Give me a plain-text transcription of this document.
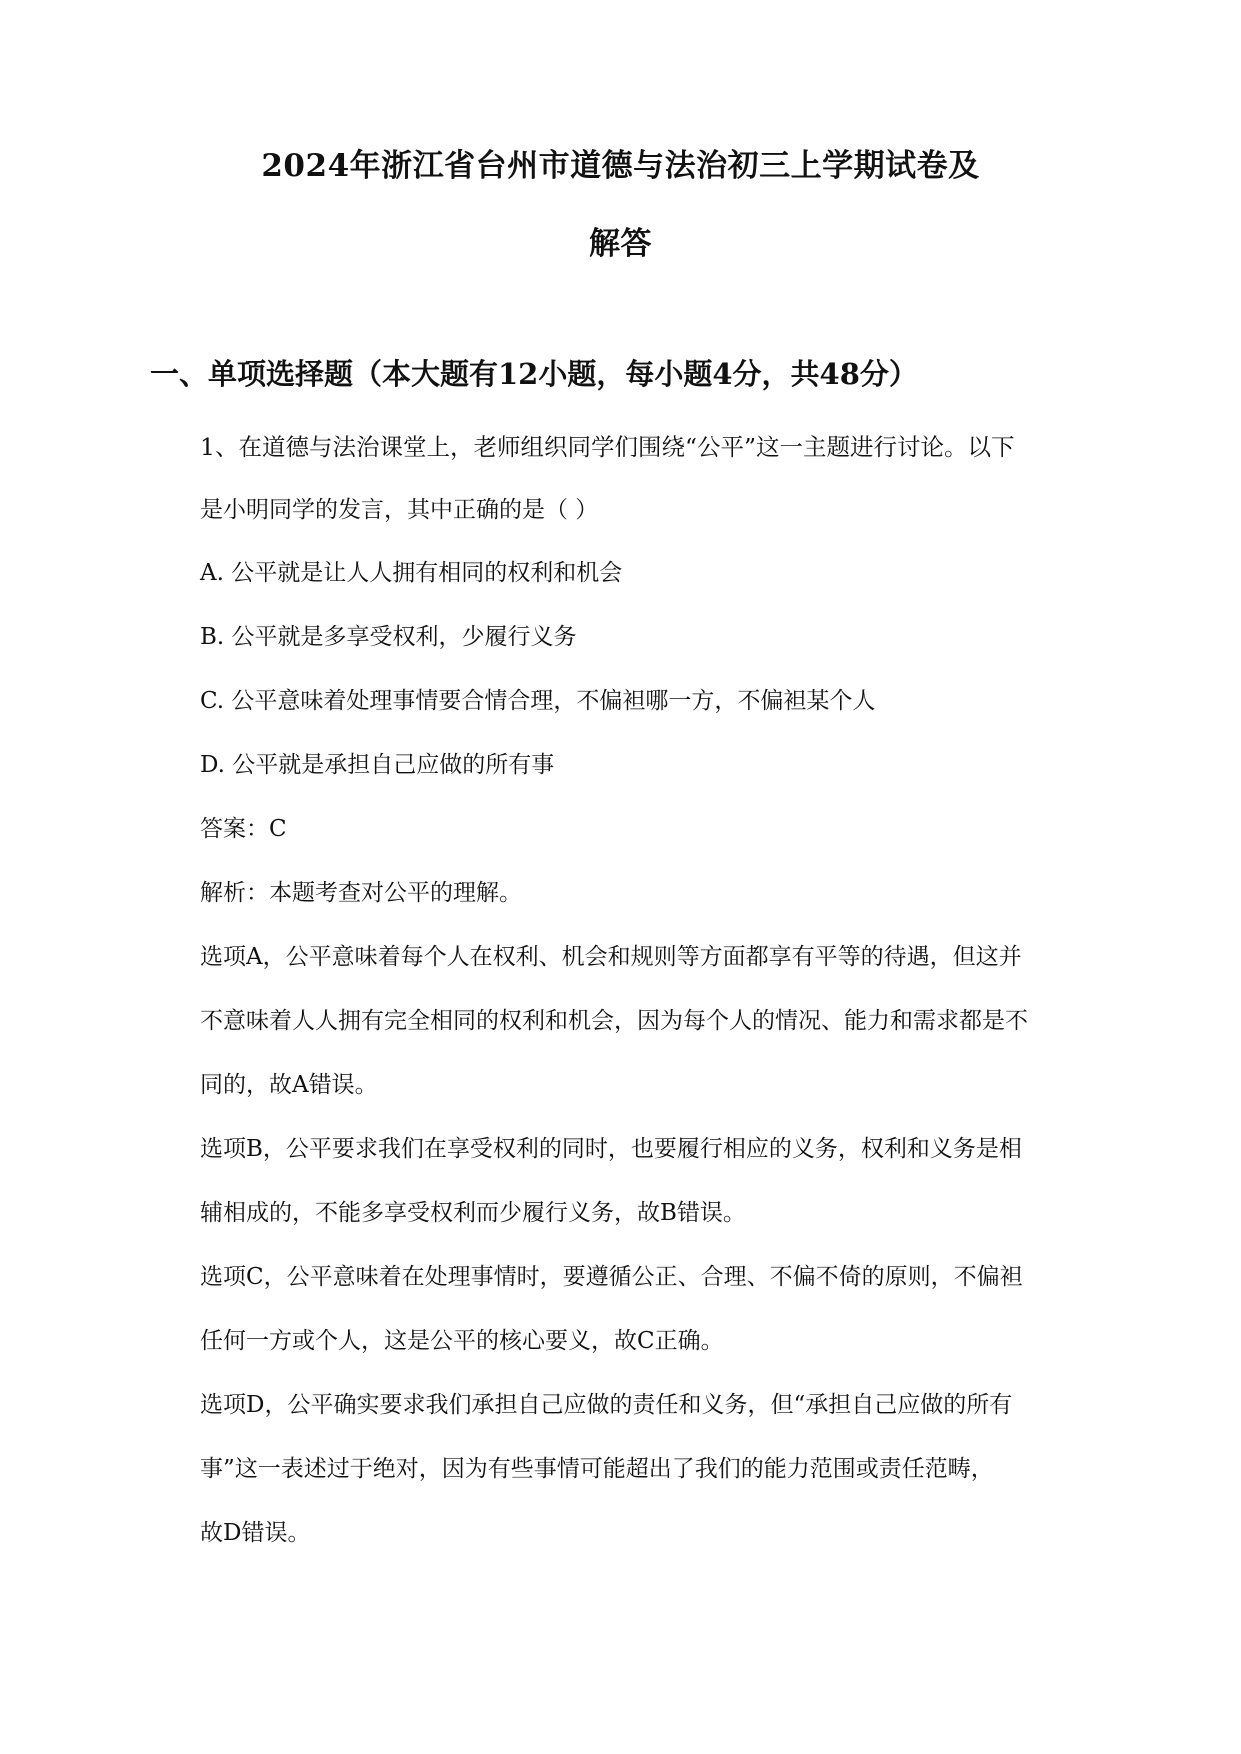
2024年浙江省台州市道德与法治初三上学期试卷及
解答
一、单项选择题（本大题有12小题，每小题4分，共48分）
1、在道德与法治课堂上，老师组织同学们围绕“公平”这一主题进行讨论。以下
是小明同学的发言，其中正确的是（ ）
A. 公平就是让人人拥有相同的权利和机会
B. 公平就是多享受权利，少履行义务
C. 公平意味着处理事情要合情合理，不偏袒哪一方，不偏袒某个人
D. 公平就是承担自己应做的所有事
答案：C
解析：本题考查对公平的理解。
选项A，公平意味着每个人在权利、机会和规则等方面都享有平等的待遇，但这并
不意味着人人拥有完全相同的权利和机会，因为每个人的情况、能力和需求都是不
同的，故A错误。
选项B，公平要求我们在享受权利的同时，也要履行相应的义务，权利和义务是相
辅相成的，不能多享受权利而少履行义务，故B错误。
选项C，公平意味着在处理事情时，要遵循公正、合理、不偏不倚的原则，不偏袒
任何一方或个人，这是公平的核心要义，故C正确。
选项D，公平确实要求我们承担自己应做的责任和义务，但“承担自己应做的所有
事”这一表述过于绝对，因为有些事情可能超出了我们的能力范围或责任范畴，
故D错误。
